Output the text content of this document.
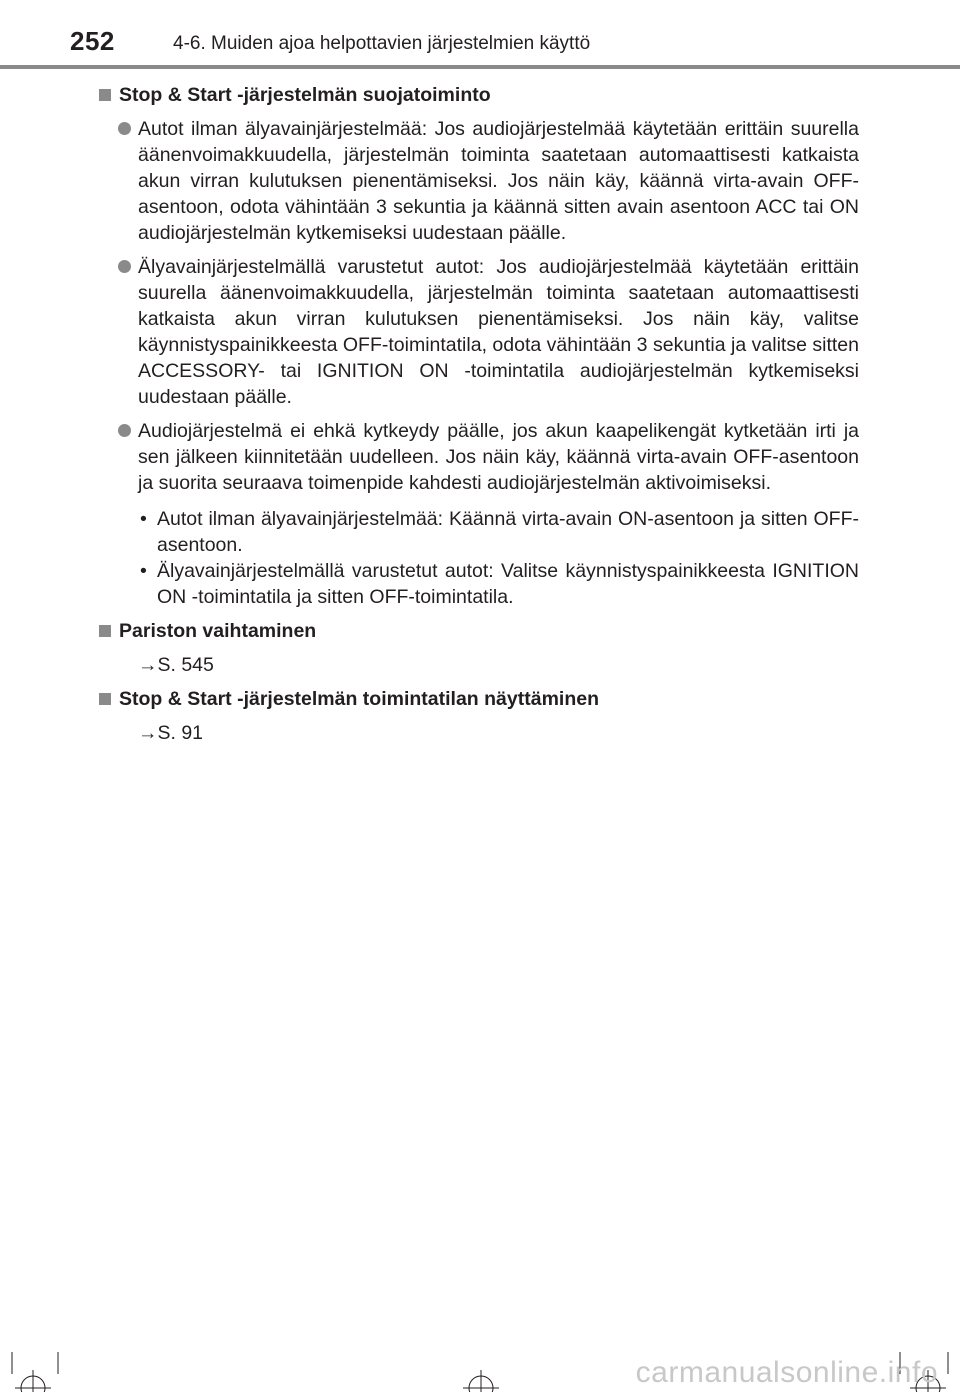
252	4-6. Muiden ajoa helpottavien järjestelmien käyttö
Stop & Start -järjestelmän suojatoiminto
Autot ilman älyavainjärjestelmää: Jos audiojärjestelmää käytetään erittäin suurella äänenvoimakkuudella, järjestelmän toiminta saatetaan automaattisesti katkaista akun virran kulutuksen pienentämiseksi. Jos näin käy, käännä virta-avain OFF-asentoon, odota vähintään 3 sekuntia ja käännä sitten avain asentoon ACC tai ON audiojärjestelmän kytkemiseksi uudestaan päälle.
Älyavainjärjestelmällä varustetut autot: Jos audiojärjestelmää käytetään erittäin suurella äänenvoimakkuudella, järjestelmän toiminta saatetaan automaattisesti katkaista akun virran kulutuksen pienentämiseksi. Jos näin käy, valitse käynnistyspainikkeesta OFF-toimintatila, odota vähintään 3 sekuntia ja valitse sitten ACCESSORY- tai IGNITION ON -toimintatila audiojärjestelmän kytkemiseksi uudestaan päälle.
Audiojärjestelmä ei ehkä kytkeydy päälle, jos akun kaapelikengät kytketään irti ja sen jälkeen kiinnitetään uudelleen. Jos näin käy, käännä virta-avain OFF-asentoon ja suorita seuraava toimenpide kahdesti audiojärjestelmän aktivoimiseksi.
• Autot ilman älyavainjärjestelmää: Käännä virta-avain ON-asentoon ja sitten OFF-asentoon.
• Älyavainjärjestelmällä varustetut autot: Valitse käynnistyspainikkeesta IGNITION ON -toimintatila ja sitten OFF-toimintatila.
Pariston vaihtaminen
→S. 545
Stop & Start -järjestelmän toimintatilan näyttäminen
→S. 91
carmanualsonline.info
